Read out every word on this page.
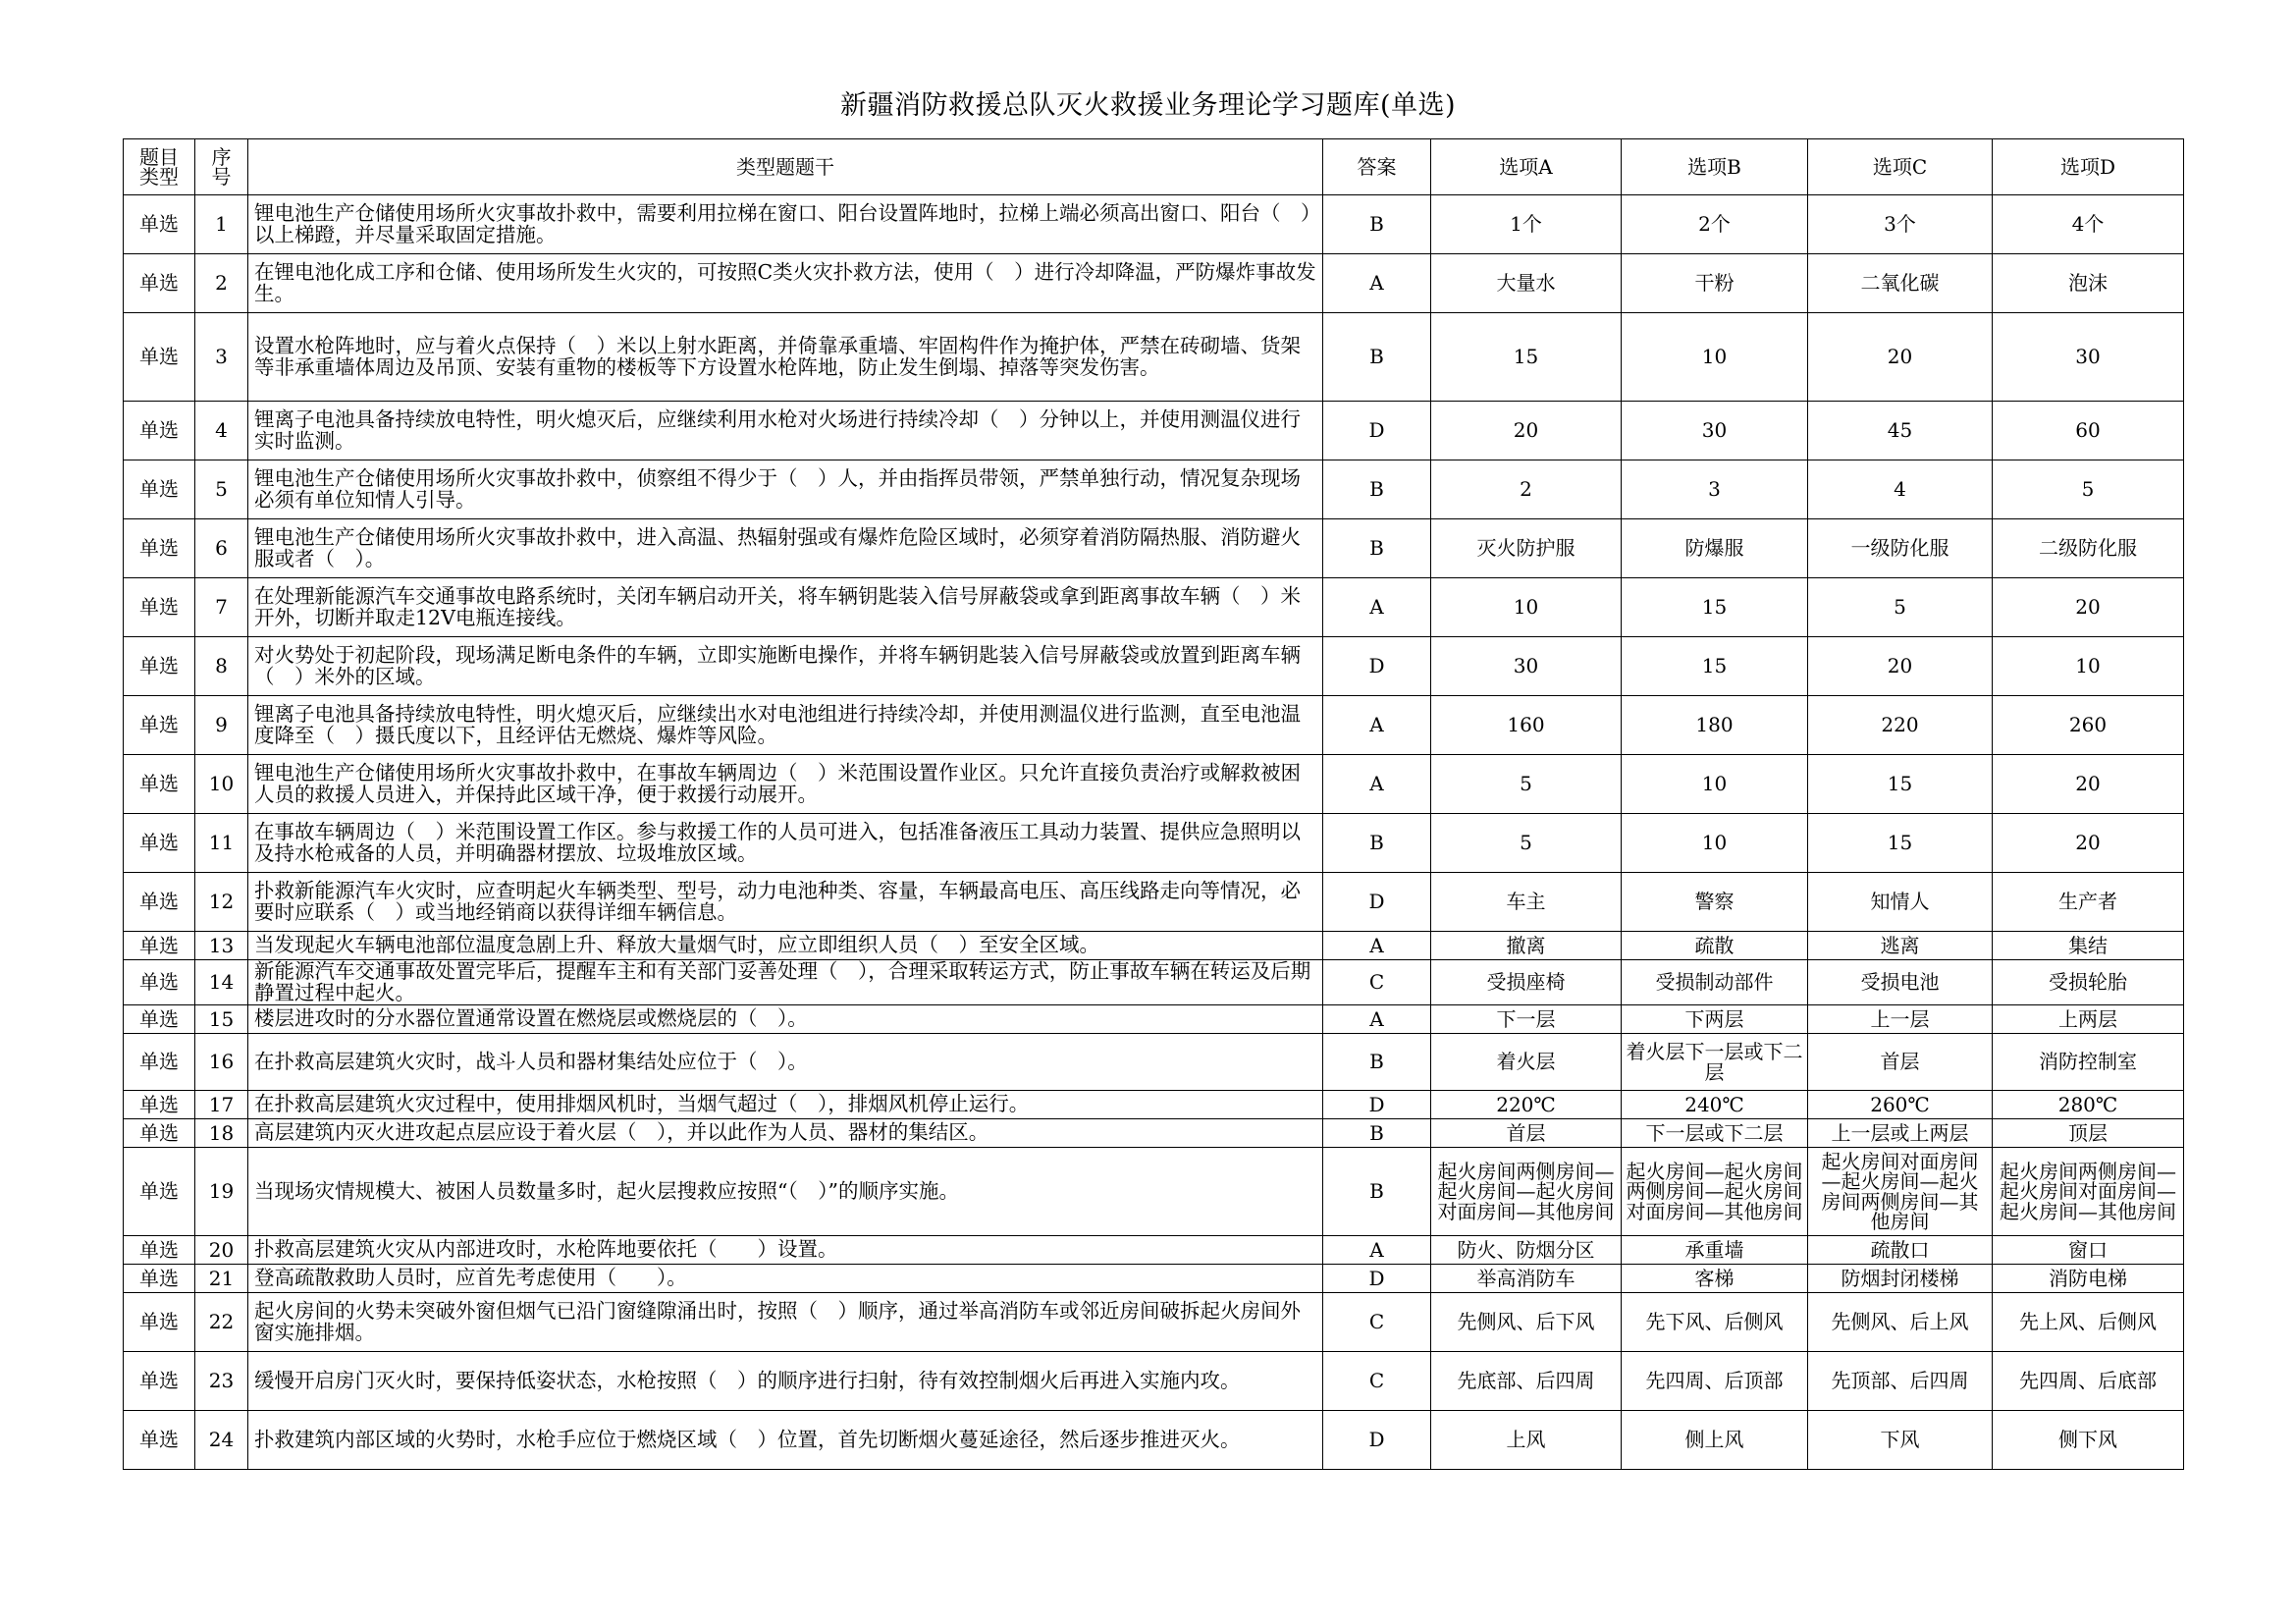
新疆消防救援总队灭火救援业务理论学习题库(单选)
题目类型	序号	类型题题干	答案	选项A	选项B	选项C	选项D
单选	1	锂电池生产仓储使用场所火灾事故扑救中，需要利用拉梯在窗口、阳台设置阵地时，拉梯上端必须高出窗口、阳台（　）以上梯蹬，并尽量采取固定措施。	B	1个	2个	3个	4个
单选	2	在锂电池化成工序和仓储、使用场所发生火灾的，可按照C类火灾扑救方法，使用（　）进行冷却降温，严防爆炸事故发生。	A	大量水	干粉	二氧化碳	泡沫
单选	3	设置水枪阵地时，应与着火点保持（　）米以上射水距离，并倚靠承重墙、牢固构件作为掩护体，严禁在砖砌墙、货架等非承重墙体周边及吊顶、安装有重物的楼板等下方设置水枪阵地，防止发生倒塌、掉落等突发伤害。	B	15	10	20	30
单选	4	锂离子电池具备持续放电特性，明火熄灭后，应继续利用水枪对火场进行持续冷却（　）分钟以上，并使用测温仪进行实时监测。	D	20	30	45	60
单选	5	锂电池生产仓储使用场所火灾事故扑救中，侦察组不得少于（　）人，并由指挥员带领，严禁单独行动，情况复杂现场必须有单位知情人引导。	B	2	3	4	5
单选	6	锂电池生产仓储使用场所火灾事故扑救中，进入高温、热辐射强或有爆炸危险区域时，必须穿着消防隔热服、消防避火服或者（　）。	B	灭火防护服	防爆服	一级防化服	二级防化服
单选	7	在处理新能源汽车交通事故电路系统时，关闭车辆启动开关，将车辆钥匙装入信号屏蔽袋或拿到距离事故车辆（　）米开外，切断并取走12V电瓶连接线。	A	10	15	5	20
单选	8	对火势处于初起阶段，现场满足断电条件的车辆，立即实施断电操作，并将车辆钥匙装入信号屏蔽袋或放置到距离车辆（　）米外的区域。	D	30	15	20	10
单选	9	锂离子电池具备持续放电特性，明火熄灭后，应继续出水对电池组进行持续冷却，并使用测温仪进行监测，直至电池温度降至（　）摄氏度以下，且经评估无燃烧、爆炸等风险。	A	160	180	220	260
单选	10	锂电池生产仓储使用场所火灾事故扑救中，在事故车辆周边（　）米范围设置作业区。只允许直接负责治疗或解救被困人员的救援人员进入，并保持此区域干净，便于救援行动展开。	A	5	10	15	20
单选	11	在事故车辆周边（　）米范围设置工作区。参与救援工作的人员可进入，包括准备液压工具动力装置、提供应急照明以及持水枪戒备的人员，并明确器材摆放、垃圾堆放区域。	B	5	10	15	20
单选	12	扑救新能源汽车火灾时，应查明起火车辆类型、型号，动力电池种类、容量，车辆最高电压、高压线路走向等情况，必要时应联系（　）或当地经销商以获得详细车辆信息。	D	车主	警察	知情人	生产者
单选	13	当发现起火车辆电池部位温度急剧上升、释放大量烟气时，应立即组织人员（　）至安全区域。	A	撤离	疏散	逃离	集结
单选	14	新能源汽车交通事故处置完毕后，提醒车主和有关部门妥善处理（　），合理采取转运方式，防止事故车辆在转运及后期静置过程中起火。	C	受损座椅	受损制动部件	受损电池	受损轮胎
单选	15	楼层进攻时的分水器位置通常设置在燃烧层或燃烧层的（　）。	A	下一层	下两层	上一层	上两层
单选	16	在扑救高层建筑火灾时，战斗人员和器材集结处应位于（　）。	B	着火层	着火层下一层或下二层	首层	消防控制室
单选	17	在扑救高层建筑火灾过程中，使用排烟风机时，当烟气超过（　），排烟风机停止运行。	D	220℃	240℃	260℃	280℃
单选	18	高层建筑内灭火进攻起点层应设于着火层（　），并以此作为人员、器材的集结区。	B	首层	下一层或下二层	上一层或上两层	顶层
单选	19	当现场灾情规模大、被困人员数量多时，起火层搜救应按照“（　）”的顺序实施。	B	起火房间两侧房间—起火房间—起火房间对面房间—其他房间	起火房间—起火房间两侧房间—起火房间对面房间—其他房间	起火房间对面房间—起火房间—起火房间两侧房间—其他房间	起火房间两侧房间—起火房间对面房间—起火房间—其他房间
单选	20	扑救高层建筑火灾从内部进攻时，水枪阵地要依托（　　）设置。	A	防火、防烟分区	承重墙	疏散口	窗口
单选	21	登高疏散救助人员时，应首先考虑使用（　　）。	D	举高消防车	客梯	防烟封闭楼梯	消防电梯
单选	22	起火房间的火势未突破外窗但烟气已沿门窗缝隙涌出时，按照（　）顺序，通过举高消防车或邻近房间破拆起火房间外窗实施排烟。	C	先侧风、后下风	先下风、后侧风	先侧风、后上风	先上风、后侧风
单选	23	缓慢开启房门灭火时，要保持低姿状态，水枪按照（　）的顺序进行扫射，待有效控制烟火后再进入实施内攻。	C	先底部、后四周	先四周、后顶部	先顶部、后四周	先四周、后底部
单选	24	扑救建筑内部区域的火势时，水枪手应位于燃烧区域（　）位置，首先切断烟火蔓延途径，然后逐步推进灭火。	D	上风	侧上风	下风	侧下风
